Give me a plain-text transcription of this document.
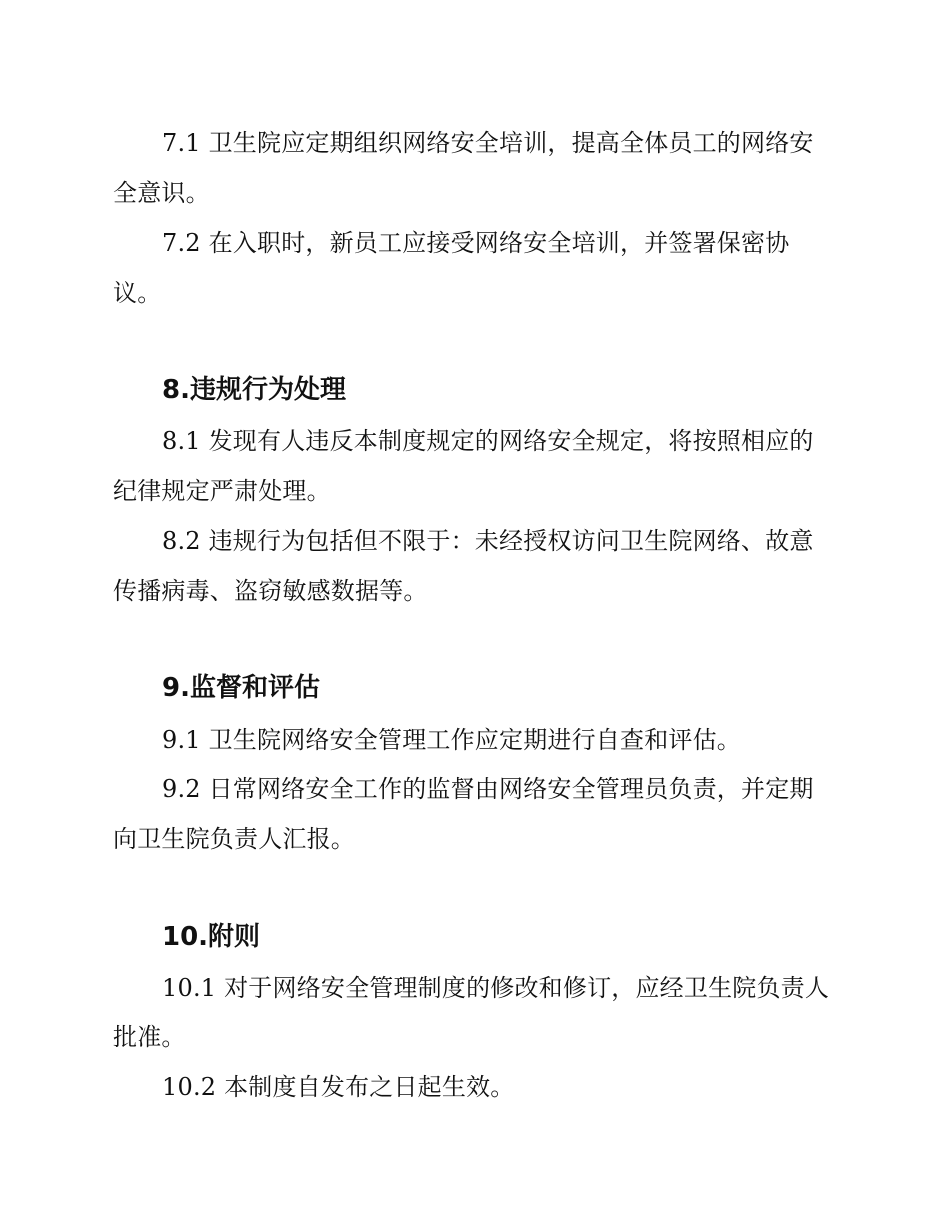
7.1 卫生院应定期组织网络安全培训，提高全体员工的网络安
全意识。
7.2 在入职时，新员工应接受网络安全培训，并签署保密协
议。
8.违规行为处理
8.1 发现有人违反本制度规定的网络安全规定，将按照相应的
纪律规定严肃处理。
8.2 违规行为包括但不限于：未经授权访问卫生院网络、故意
传播病毒、盗窃敏感数据等。
9.监督和评估
9.1 卫生院网络安全管理工作应定期进行自查和评估。
9.2 日常网络安全工作的监督由网络安全管理员负责，并定期
向卫生院负责人汇报。
10.附则
10.1 对于网络安全管理制度的修改和修订，应经卫生院负责人
批准。
10.2 本制度自发布之日起生效。
